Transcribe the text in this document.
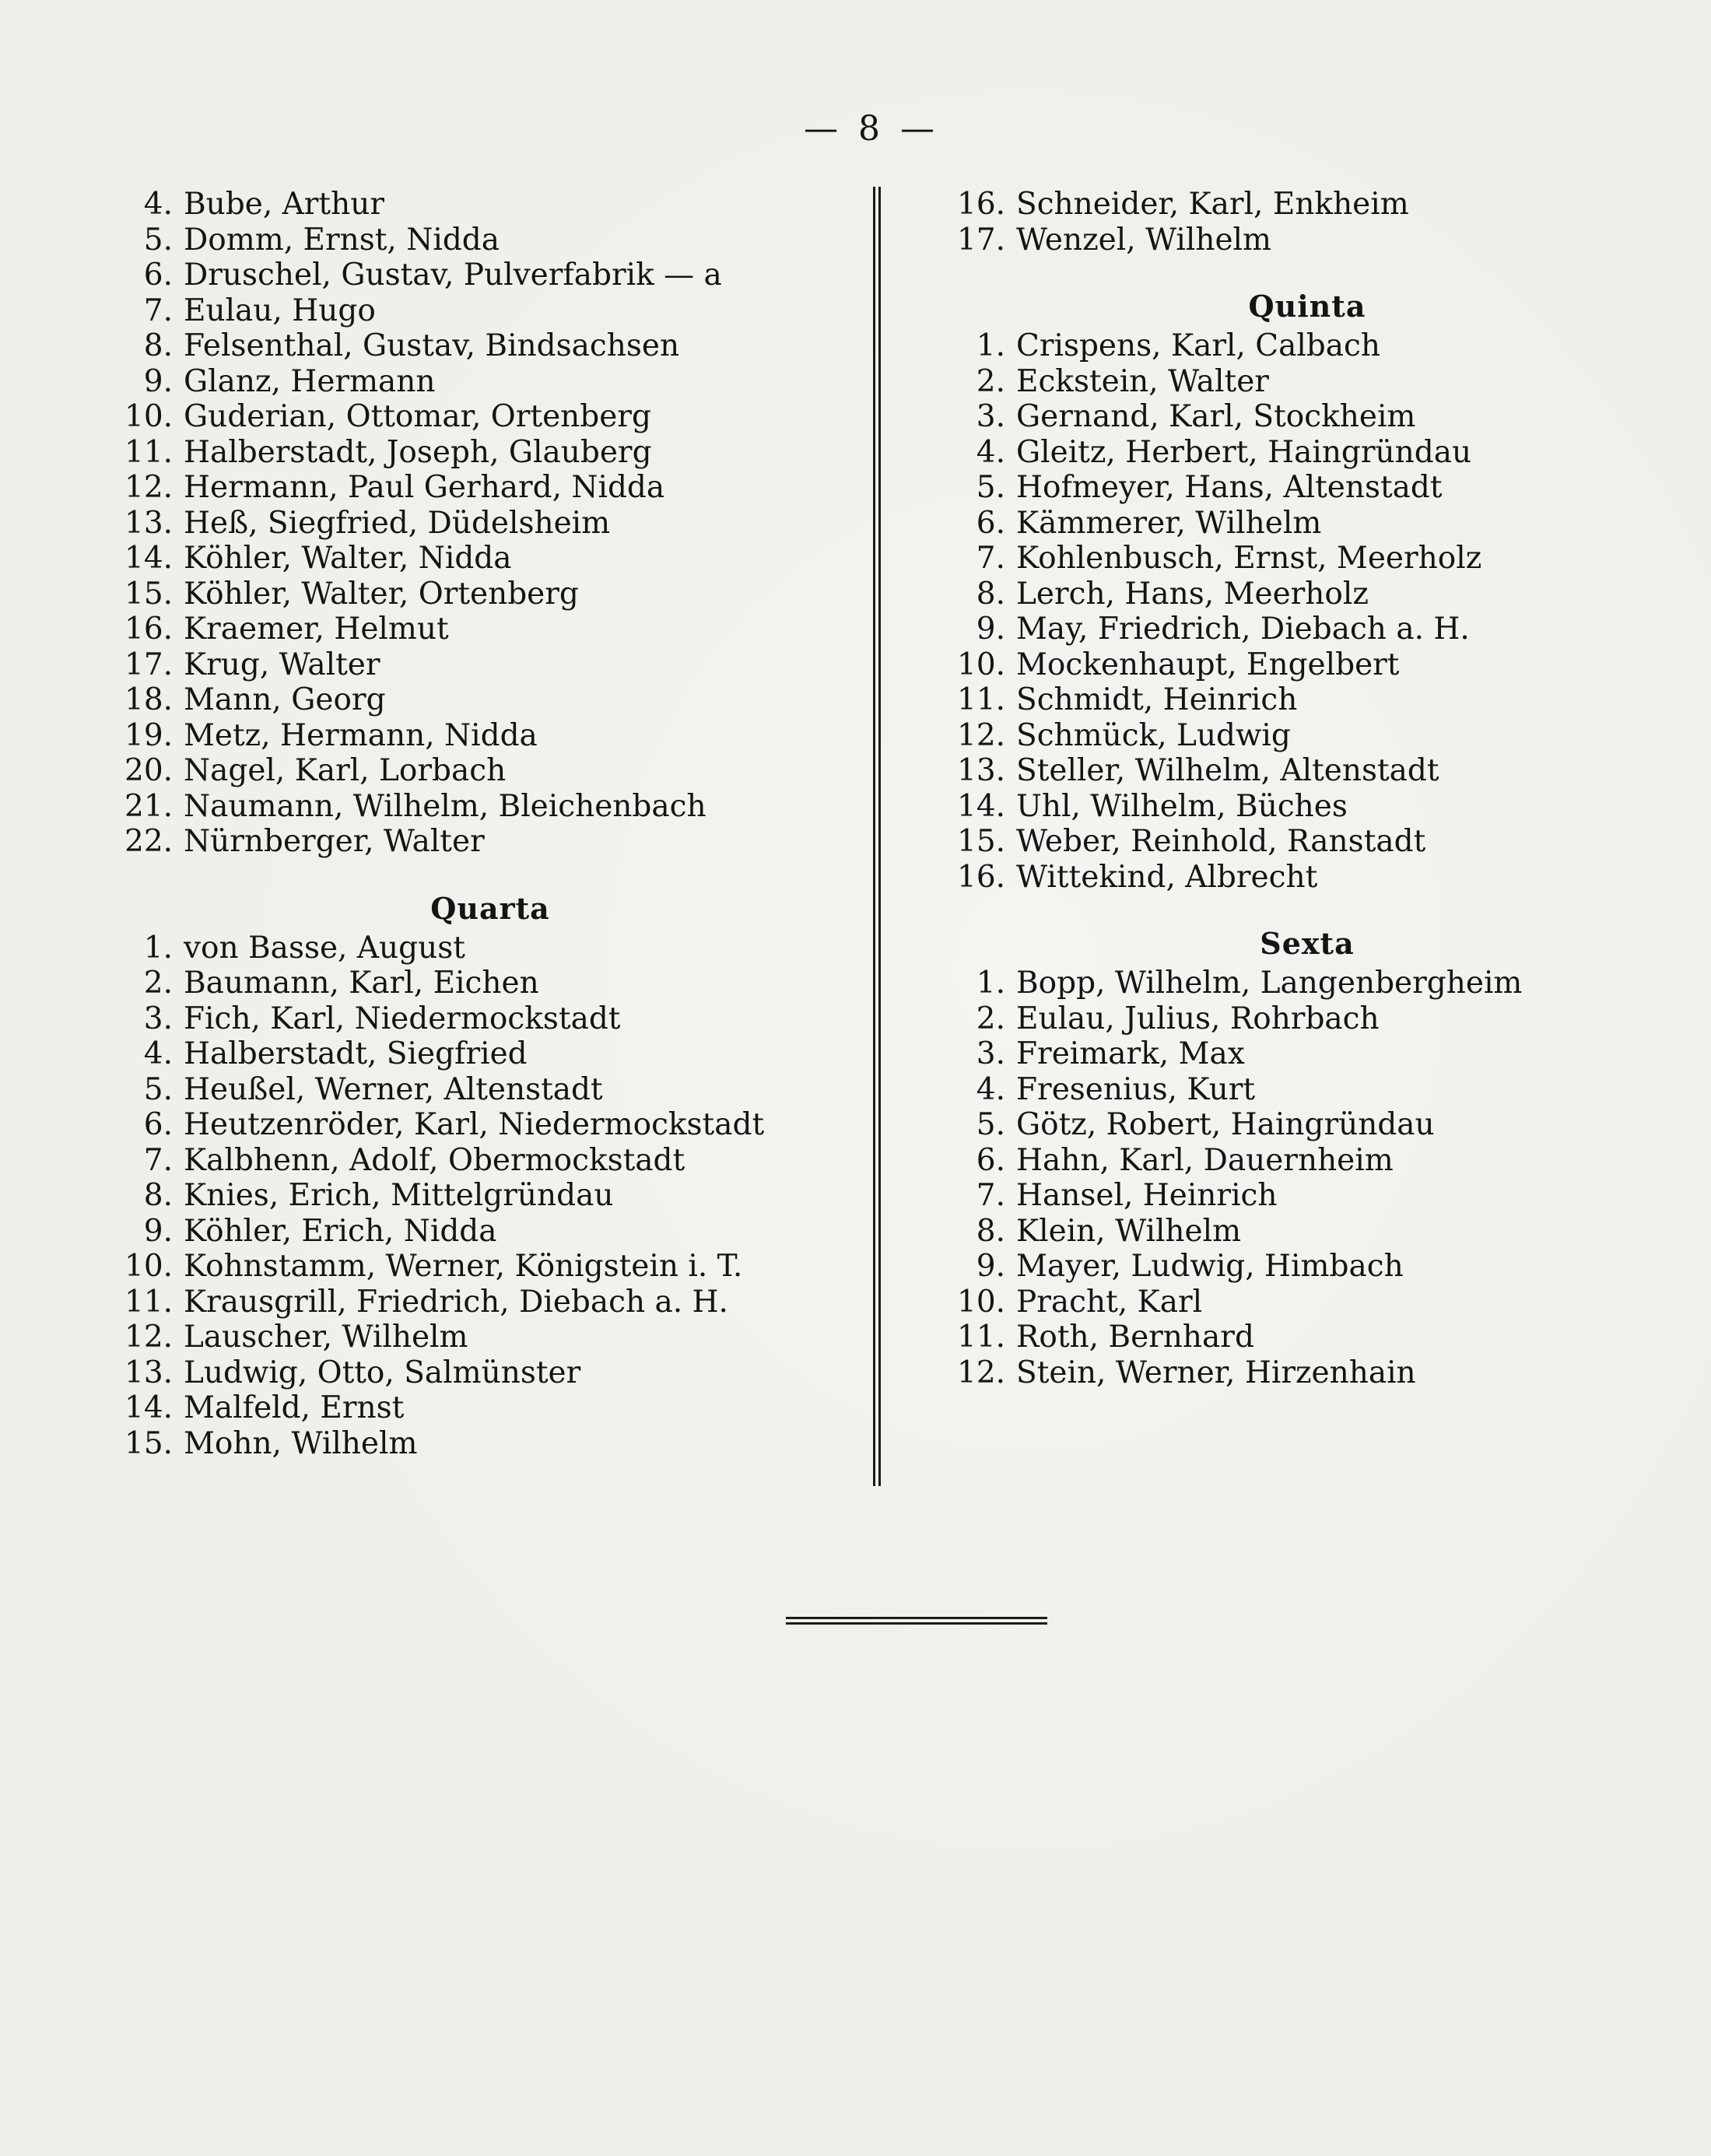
— 8 —
4. Bube, Arthur
5. Domm, Ernst, Nidda
6. Druschel, Gustav, Pulverfabrik — a
7. Eulau, Hugo
8. Felsenthal, Gustav, Bindsachsen
9. Glanz, Hermann
10. Guderian, Ottomar, Ortenberg
11. Halberstadt, Joseph, Glauberg
12. Hermann, Paul Gerhard, Nidda
13. Heß, Siegfried, Düdelsheim
14. Köhler, Walter, Nidda
15. Köhler, Walter, Ortenberg
16. Kraemer, Helmut
17. Krug, Walter
18. Mann, Georg
19. Metz, Hermann, Nidda
20. Nagel, Karl, Lorbach
21. Naumann, Wilhelm, Bleichenbach
22. Nürnberger, Walter
Quarta
1. von Basse, August
2. Baumann, Karl, Eichen
3. Fich, Karl, Niedermockstadt
4. Halberstadt, Siegfried
5. Heußel, Werner, Altenstadt
6. Heutzenröder, Karl, Niedermockstadt
7. Kalbhenn, Adolf, Obermockstadt
8. Knies, Erich, Mittelgründau
9. Köhler, Erich, Nidda
10. Kohnstamm, Werner, Königstein i. T.
11. Krausgrill, Friedrich, Diebach a. H.
12. Lauscher, Wilhelm
13. Ludwig, Otto, Salmünster
14. Malfeld, Ernst
15. Mohn, Wilhelm
16. Schneider, Karl, Enkheim
17. Wenzel, Wilhelm
Quinta
1. Crispens, Karl, Calbach
2. Eckstein, Walter
3. Gernand, Karl, Stockheim
4. Gleitz, Herbert, Haingründau
5. Hofmeyer, Hans, Altenstadt
6. Kämmerer, Wilhelm
7. Kohlenbusch, Ernst, Meerholz
8. Lerch, Hans, Meerholz
9. May, Friedrich, Diebach a. H.
10. Mockenhaupt, Engelbert
11. Schmidt, Heinrich
12. Schmück, Ludwig
13. Steller, Wilhelm, Altenstadt
14. Uhl, Wilhelm, Büches
15. Weber, Reinhold, Ranstadt
16. Wittekind, Albrecht
Sexta
1. Bopp, Wilhelm, Langenbergheim
2. Eulau, Julius, Rohrbach
3. Freimark, Max
4. Fresenius, Kurt
5. Götz, Robert, Haingründau
6. Hahn, Karl, Dauernheim
7. Hansel, Heinrich
8. Klein, Wilhelm
9. Mayer, Ludwig, Himbach
10. Pracht, Karl
11. Roth, Bernhard
12. Stein, Werner, Hirzenhain
